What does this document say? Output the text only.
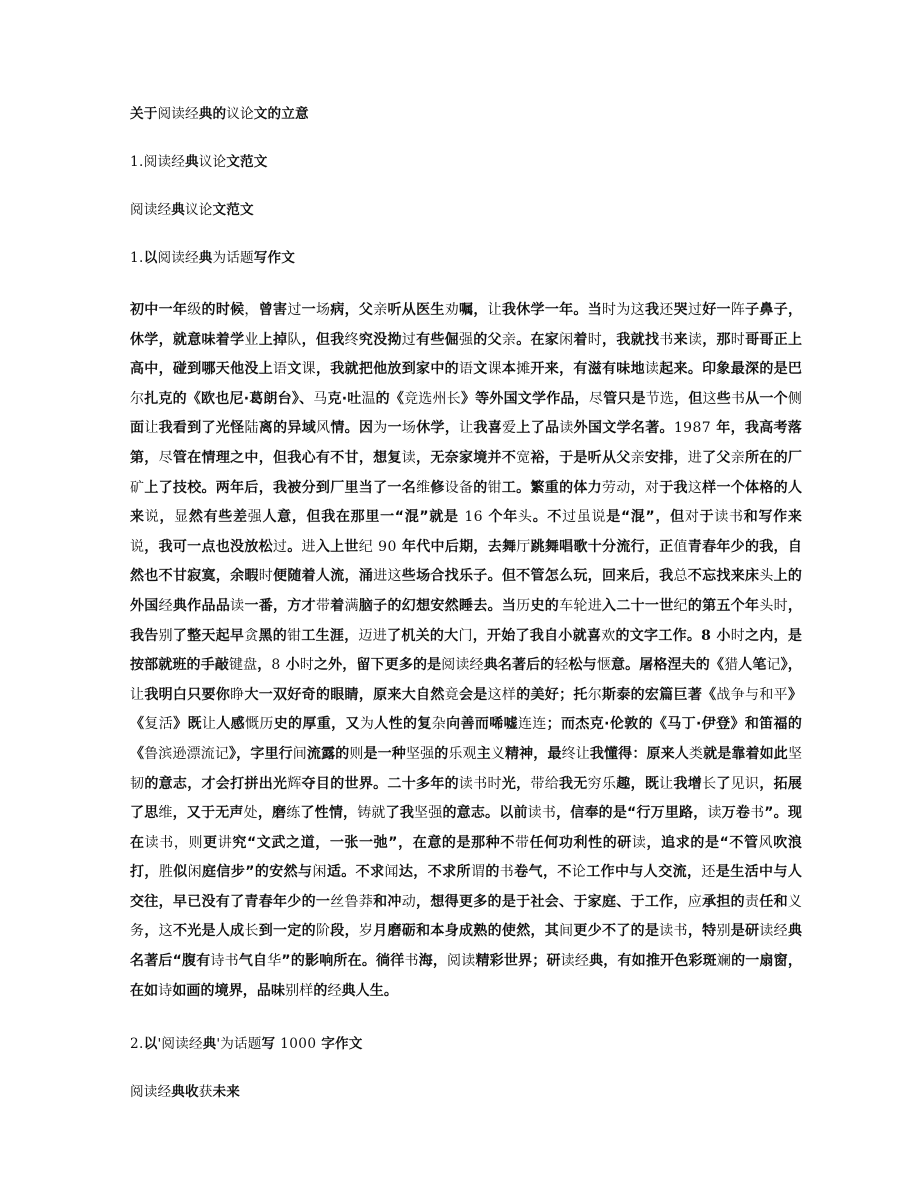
关于阅读经典的议论文的立意

1.阅读经典议论文范文

阅读经典议论文范文

1.以阅读经典为话题写作文

初中一年级的时候，曾害过一场病，父亲听从医生劝嘱，让我休学一年。当时为这我还哭过好一阵子鼻子，休学，就意味着学业上掉队，但我终究没拗过有些倔强的父亲。在家闲着时，我就找书来读，那时哥哥正上高中，碰到哪天他没上语文课，我就把他放到家中的语文课本摊开来，有滋有味地读起来。印象最深的是巴尔扎克的《欧也尼·葛朗台》、马克·吐温的《竞选州长》等外国文学作品，尽管只是节选，但这些书从一个侧面让我看到了光怪陆离的异域风情。因为一场休学，让我喜爱上了品读外国文学名著。1987 年，我高考落第，尽管在情理之中，但我心有不甘，想复读，无奈家境并不宽裕，于是听从父亲安排，进了父亲所在的厂矿上了技校。两年后，我被分到厂里当了一名维修设备的钳工。繁重的体力劳动，对于我这样一个体格的人来说，显然有些差强人意，但我在那里一“混”就是 16 个年头。不过虽说是“混”，但对于读书和写作来说，我可一点也没放松过。进入上世纪 90 年代中后期，去舞厅跳舞唱歌十分流行，正值青春年少的我，自然也不甘寂寞，余暇时便随着人流，涌进这些场合找乐子。但不管怎么玩，回来后，我总不忘找来床头上的外国经典作品品读一番，方才带着满脑子的幻想安然睡去。当历史的车轮进入二十一世纪的第五个年头时，我告别了整天起早贪黑的钳工生涯，迈进了机关的大门，开始了我自小就喜欢的文字工作。8 小时之内，是按部就班的手敲键盘，8 小时之外，留下更多的是阅读经典名著后的轻松与惬意。屠格涅夫的《猎人笔记》，让我明白只要你睁大一双好奇的眼睛，原来大自然竟会是这样的美好；托尔斯泰的宏篇巨著《战争与和平》《复活》既让人感慨历史的厚重，又为人性的复杂向善而唏嘘连连；而杰克·伦敦的《马丁·伊登》和笛福的《鲁滨逊漂流记》，字里行间流露的则是一种坚强的乐观主义精神，最终让我懂得：原来人类就是靠着如此坚韧的意志，才会打拼出光辉夺目的世界。二十多年的读书时光，带给我无穷乐趣，既让我增长了见识，拓展了思维，又于无声处，磨练了性情，铸就了我坚强的意志。以前读书，信奉的是“行万里路，读万卷书”。现在读书，则更讲究“文武之道，一张一弛”，在意的是那种不带任何功利性的研读，追求的是“不管风吹浪打，胜似闲庭信步”的安然与闲适。不求闻达，不求所谓的书卷气，不论工作中与人交流，还是生活中与人交往，早已没有了青春年少的一丝鲁莽和冲动，想得更多的是于社会、于家庭、于工作，应承担的责任和义务，这不光是人成长到一定的阶段，岁月磨砺和本身成熟的使然，其间更少不了的是读书，特别是研读经典名著后“腹有诗书气自华”的影响所在。徜徉书海，阅读精彩世界；研读经典，有如推开色彩斑斓的一扇窗，在如诗如画的境界，品味别样的经典人生。

2.以'阅读经典'为话题写 1000 字作文

阅读经典收获未来
